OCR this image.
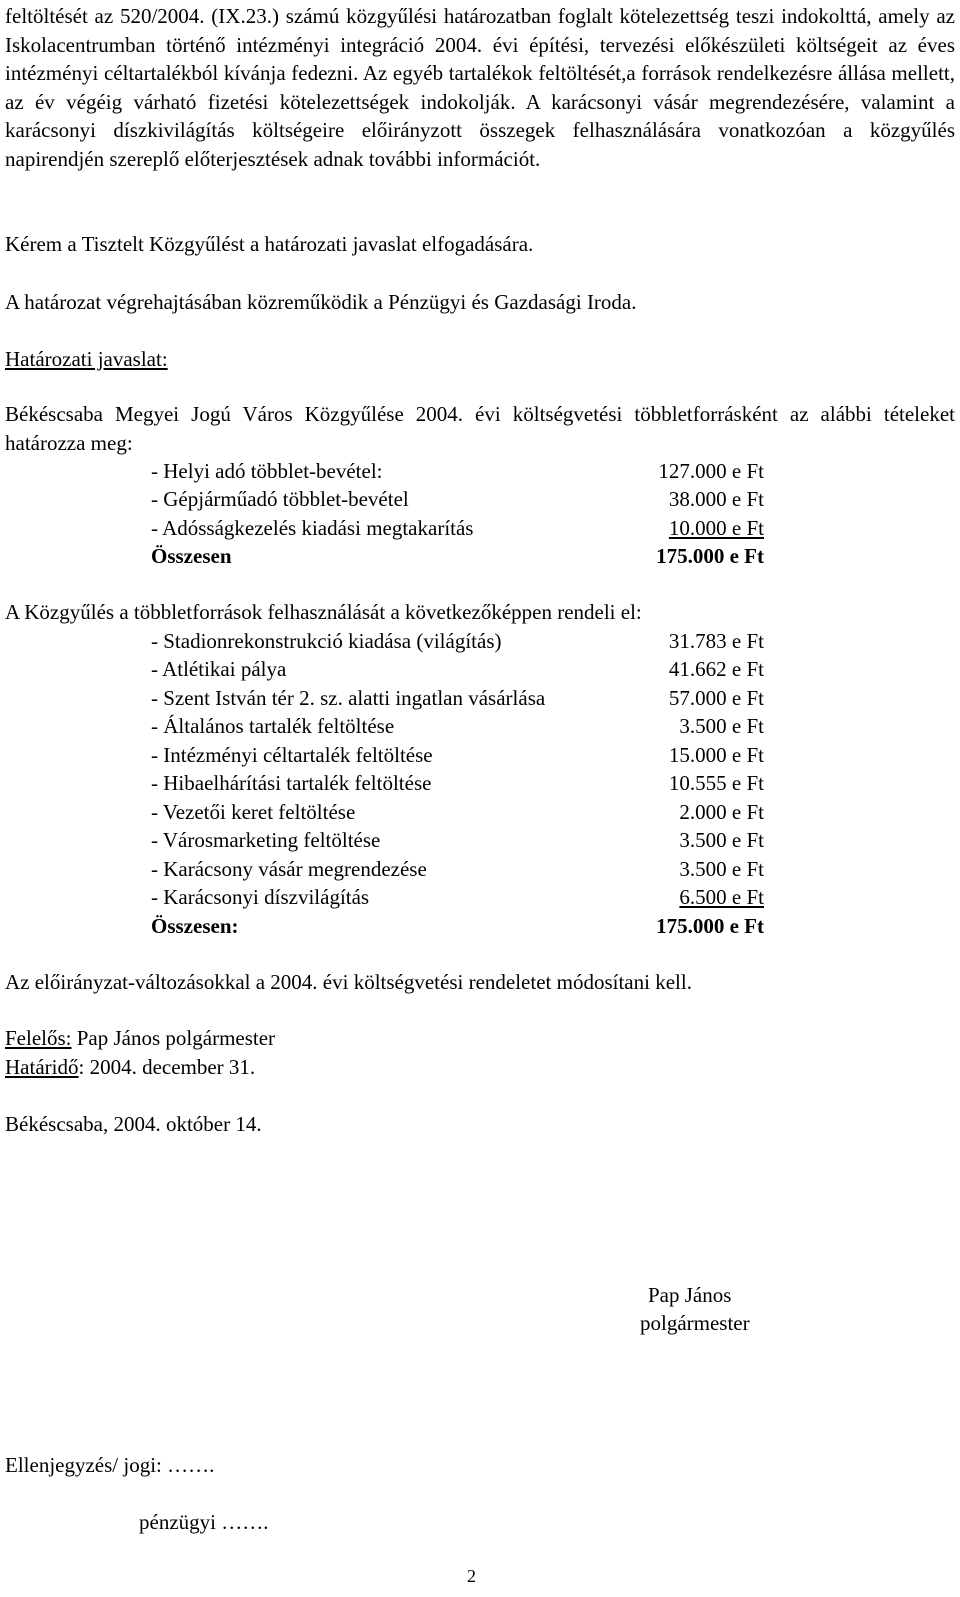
feltöltését az 520/2004. (IX.23.) számú közgyűlési határozatban foglalt kötelezettség teszi indokolttá, amely az Iskolacentrumban történő intézményi integráció 2004. évi építési, tervezési előkészületi költségeit az éves intézményi céltartalékból kívánja fedezni. Az egyéb tartalékok feltöltését,a források rendelkezésre állása mellett, az év végéig várható fizetési kötelezettségek indokolják. A karácsonyi vásár megrendezésére, valamint a karácsonyi díszkivilágítás költségeire előirányzott összegek felhasználására vonatkozóan a közgyűlés napirendjén szereplő előterjesztések adnak további információt.

Kérem a Tisztelt Közgyűlést a határozati javaslat elfogadására.
A határozat végrehajtásában közreműködik a Pénzügyi és Gazdasági Iroda.
Határozati javaslat:

Békéscsaba Megyei Jogú Város Közgyűlése 2004. évi költségvetési többletforrásként az alábbi tételeket határozza meg:

- Helyi adó többlet-bevétel:	127.000 e Ft
- Gépjárműadó többlet-bevétel	38.000 e Ft
- Adósságkezelés kiadási megtakarítás	10.000 e Ft
Összesen	175.000 e Ft
A Közgyűlés a többletforrások felhasználását a következőképpen rendeli el:
- Stadionrekonstrukció kiadása (világítás)	31.783 e Ft
- Atlétikai pálya	41.662 e Ft
- Szent István tér 2. sz. alatti ingatlan vásárlása	57.000 e Ft
- Általános tartalék feltöltése	3.500 e Ft
- Intézményi céltartalék feltöltése	15.000 e Ft
- Hibaelhárítási tartalék feltöltése	10.555 e Ft
- Vezetői keret feltöltése	2.000 e Ft
- Városmarketing feltöltése	3.500 e Ft
- Karácsony vásár megrendezése	3.500 e Ft
- Karácsonyi díszvilágítás	6.500 e Ft
Összesen:	175.000 e Ft
Az előirányzat-változásokkal a 2004. évi költségvetési rendeletet módosítani kell.
Felelős: Pap János polgármester
Határidő: 2004. december 31.
Békéscsaba, 2004. október 14.
Pap János
polgármester
Ellenjegyzés/ jogi: …….
pénzügyi …….
2
